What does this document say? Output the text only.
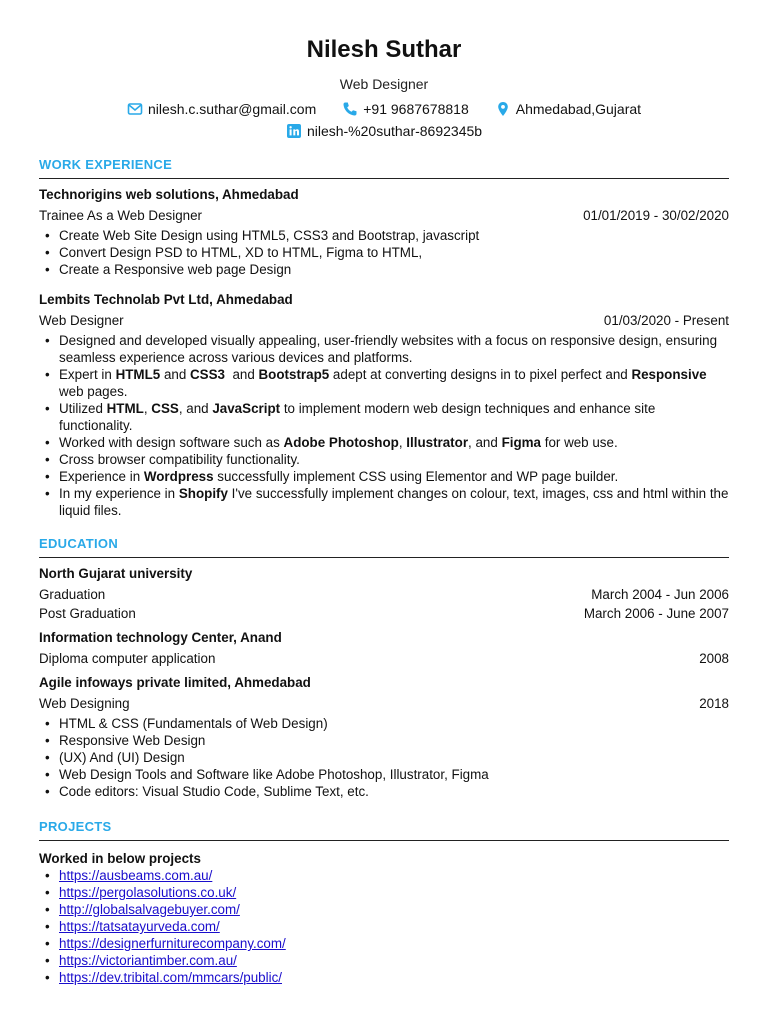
Nilesh Suthar
Web Designer
nilesh.c.suthar@gmail.com	+91 9687678818	Ahmedabad,Gujarat
nilesh-%20suthar-8692345b
WORK EXPERIENCE
Technorigins web solutions, Ahmedabad
Trainee As a Web Designer	01/01/2019 - 30/02/2020
• Create Web Site Design using HTML5, CSS3 and Bootstrap, javascript
• Convert Design PSD to HTML, XD to HTML, Figma to HTML,
• Create a Responsive web page Design
Lembits Technolab Pvt Ltd, Ahmedabad
Web Designer	01/03/2020 - Present
• Designed and developed visually appealing, user-friendly websites with a focus on responsive design, ensuring seamless experience across various devices and platforms.
• Expert in HTML5 and CSS3  and Bootstrap5 adept at converting designs in to pixel perfect and Responsive web pages.
• Utilized HTML, CSS, and JavaScript to implement modern web design techniques and enhance site functionality.
• Worked with design software such as Adobe Photoshop, Illustrator, and Figma for web use.
• Cross browser compatibility functionality.
• Experience in Wordpress successfully implement CSS using Elementor and WP page builder.
• In my experience in Shopify I've successfully implement changes on colour, text, images, css and html within the liquid files.
EDUCATION
North Gujarat university
Graduation	March 2004 - Jun 2006
Post Graduation	March 2006 - June 2007
Information technology Center, Anand
Diploma computer application	2008
Agile infoways private limited, Ahmedabad
Web Designing	2018
• HTML & CSS (Fundamentals of Web Design)
• Responsive Web Design
• (UX) And (UI) Design
• Web Design Tools and Software like Adobe Photoshop, Illustrator, Figma
• Code editors: Visual Studio Code, Sublime Text, etc.
PROJECTS
Worked in below projects
• https://ausbeams.com.au/
• https://pergolasolutions.co.uk/
• http://globalsalvagebuyer.com/
• https://tatsatayurveda.com/
• https://designerfurniturecompany.com/
• https://victoriantimber.com.au/
• https://dev.tribital.com/mmcars/public/
